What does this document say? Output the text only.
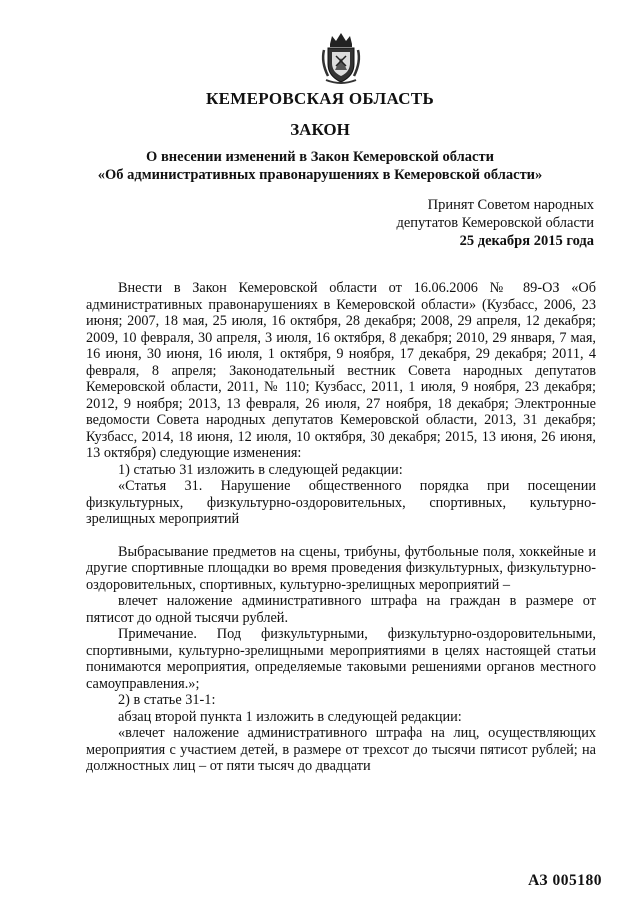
КЕМЕРОВСКАЯ ОБЛАСТЬ
ЗАКОН
О внесении изменений в Закон Кемеровской области
«Об административных правонарушениях в Кемеровской области»
Принят Советом народных
депутатов Кемеровской области
25 декабря 2015 года

Внести в Закон Кемеровской области от 16.06.2006 № 89-ОЗ «Об административных правонарушениях в Кемеровской области» (Кузбасс, 2006, 23 июня; 2007, 18 мая, 25 июля, 16 октября, 28 декабря; 2008, 29 апреля, 12 декабря; 2009, 10 февраля, 30 апреля, 3 июля, 16 октября, 8 декабря; 2010, 29 января, 7 мая, 16 июня, 30 июня, 16 июля, 1 октября, 9 ноября, 17 декабря, 29 декабря; 2011, 4 февраля, 8 апреля; Законодательный вестник Совета народных депутатов Кемеровской области, 2011, № 110; Кузбасс, 2011, 1 июля, 9 ноября, 23 декабря; 2012, 9 ноября; 2013, 13 февраля, 26 июля, 27 ноября, 18 декабря; Электронные ведомости Совета народных депутатов Кемеровской области, 2013, 31 декабря; Кузбасс, 2014, 18 июня, 12 июля, 10 октября, 30 декабря; 2015, 13 июня, 26 июня, 13 октября) следующие изменения:

1) статью 31 изложить в следующей редакции:

«Статья 31. Нарушение общественного порядка при посещении физкультурных, физкультурно-оздоровительных, спортивных, культурно-зрелищных мероприятий

Выбрасывание предметов на сцены, трибуны, футбольные поля, хоккейные и другие спортивные площадки во время проведения физкультурных, физкультурно-оздоровительных, спортивных, культурно-зрелищных мероприятий –

влечет наложение административного штрафа на граждан в размере от пятисот до одной тысячи рублей.

Примечание. Под физкультурными, физкультурно-оздоровительными, спортивными, культурно-зрелищными мероприятиями в целях настоящей статьи понимаются мероприятия, определяемые таковыми решениями органов местного самоуправления.»;

2) в статье 31-1:

абзац второй пункта 1 изложить в следующей редакции:

«влечет наложение административного штрафа на лиц, осуществляющих мероприятия с участием детей, в размере от трехсот до тысячи пятисот рублей; на должностных лиц – от пяти тысяч до двадцати

АЗ 005180
